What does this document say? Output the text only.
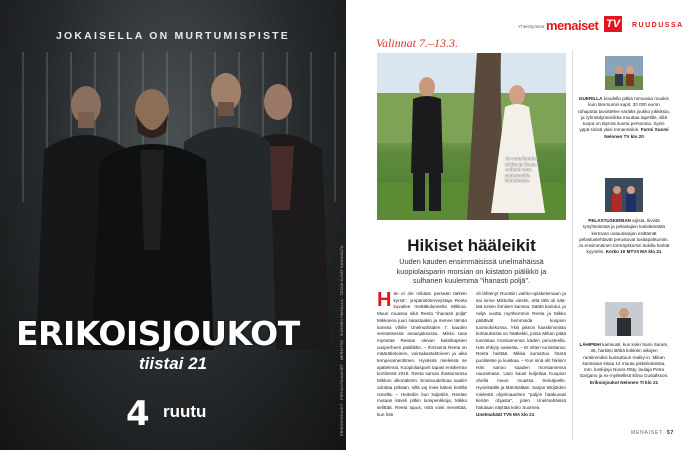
JOKAISELLA ON MURTUMISPISTE
ERIKOISJOUKOT
tiistai 21
4 ruutu	ERIKOISJOUKOT · PERJANTAINAISET · MERKITSE · SUOMEN PAIKALLA · TÄSSÄ KUVAT KANAVALTA
Yhteistyössä menaiset TV RUUDUSSA
Valinnat 7.–13.3.
Jo vuosikaudet Mikko ja Reeta suhteet ovat molemmilla hiuksineen.
Hikiset hääleikit
Uuden kauden ensimmäisissä unelmahäissä kuopiolaisparin morsian on kiistaton piälikkö ja sulhanen kuulemma "ihanasti poljä".
Hän ei ole mikään perseän tärkein kyrsä", ympäristöterveystaja Reeta kuvailee mettäkuluneelta Mikkoa. Muun muassa sikä Reeta "ihanasti poljä" Mikkoena juuri rakastaakin ja menee tämän kanssa vihille Unelmahäiden 7. kauden seesteisessä avausjaksossa. Mikko taas myöntää Reetan olevan kaksikapsien uusperheen päällikkö. – Ihmisenä Reeta on määrätietoinen, voimakastahtoinen ja aika temperamenttinen. Hyvässä mielessä se ajattelevat. Kuopiolaisparit tapasi ensikerran kortilessä 2016. Reeta saman ihastumensa Mikkon ulkonäköön. Ensisuudelmaa saatiin odottaa pitkään, sillä vaj mies kätesi kortillä nimellä. – Heiteikin kun kuljettiin, Reetan mutaan käveli pitkin lumipenkkoja, Mikko selittää. Reeta tapus, mitä voisi menettää, kun hän
oli lähtenyt Ruotsiin vaihto-opiskelemaan ja sai sinne Mikkolta viestin, että tälä oli sää- tää toisen ihmisen kanssa. Säätö kariutui, ja neljä vuotta myöhemmin Reeta ja Mikko päättivät hemmoida kuopion tuomiokirkossa. Yksi jakson haaskimmista kohtauksista on hääkekki, jossa Mikan pitää tunnistaa morsiamensa käden perusteella. Hän ehtiyty naisesta. – Et sitten tunnistanut, Reeta heittää. Mikka kumartuu häntä puoliteitse ja kuiskaa. – Kun sinä olit hikisin! Hän sanoo saaden morsiamensa nauramaan. Uusi kausi kuljettaa Kuopion ohella muun muassa Seinäjoelle, Hyvinkäälle ja Mäntsälään. Sarjan tekijöiden mielestä ohjelmaanhen "paljon hääkuvasi tienän ohjasta", joten Unelmahäissä halutaan näyttää koko Suomea.
Unelmahäät TV5 MA klo 21
GUERILLA koudella pitkiä romuusia muukin kuin lämmumin kapit. 30 000 euron rahapotta tavoittelee väräiks joukko jokkiksia, ja ryhmädynamiikka muuttaa tapetille, sillä tuopa on täynnä suuria persoonia. Synti-yppä sinisä ykisi romanssikin. Farmi Suomi Nelonen TV klo 20
PELASTUSKEIMAN arjista, tiivistä työyhteisöstä ja pelastajien kotielämästä kertovan uutuussarjan esittämät pelastustehtävät perustuvat tositapahtumiin. Jo ensimmäinen törmäyskurssi tiukilla herkät kyynelin. Korko 10 MTV3 MA klo 21
LÄHIPEHI kamsusti, kun koiki Sami Saram, 36, harkitsi lähtiä kokkien alkojen rankimmiksi kurisuttuun reality-in. Mikan kanssaan kisaa 14 muuta jukkiskokeista, mm. koskijnja Noora Räty, laulaja Petra Gargano ja ex-mytikellisä Elina Gustafsson. Erikoisjoukot Nelonen TI klo 21
MENAISET 57
